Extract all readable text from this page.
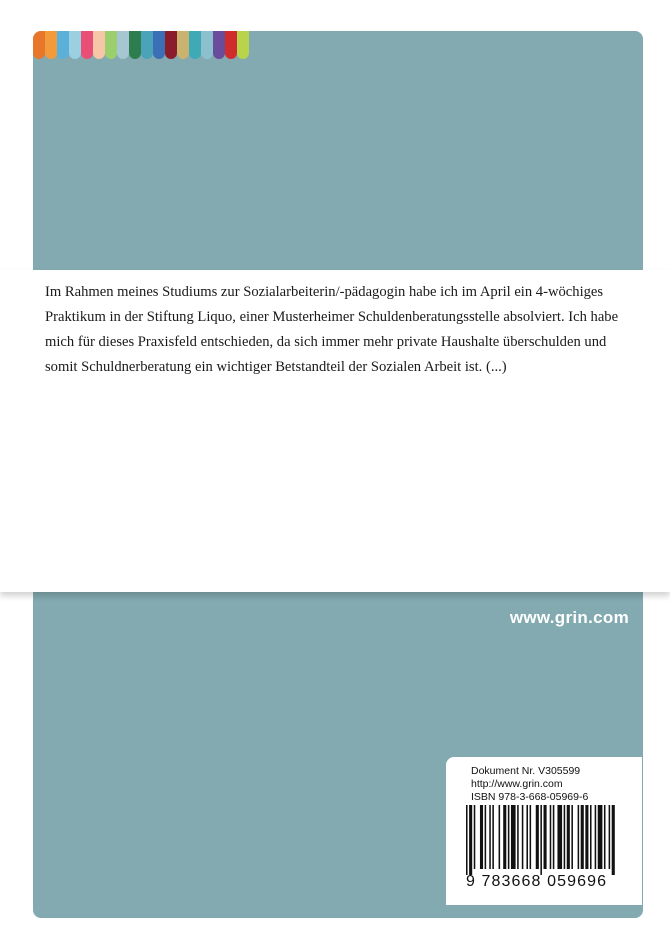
Im Rahmen meines Studiums zur Sozialarbeiterin/-pädagogin habe ich im April ein 4-wöchiges Praktikum in der Stiftung Liquo, einer Musterheimer Schuldenberatungsstelle absolviert. Ich habe mich für dieses Praxisfeld entschieden, da sich immer mehr private Haushalte überschulden und somit Schuldnerberatung ein wichtiger Betstandteil der Sozialen Arbeit ist. (...)

www.grin.com
Dokument Nr. V305599
http://www.grin.com
ISBN 978-3-668-05969-6
9 783668 059696
